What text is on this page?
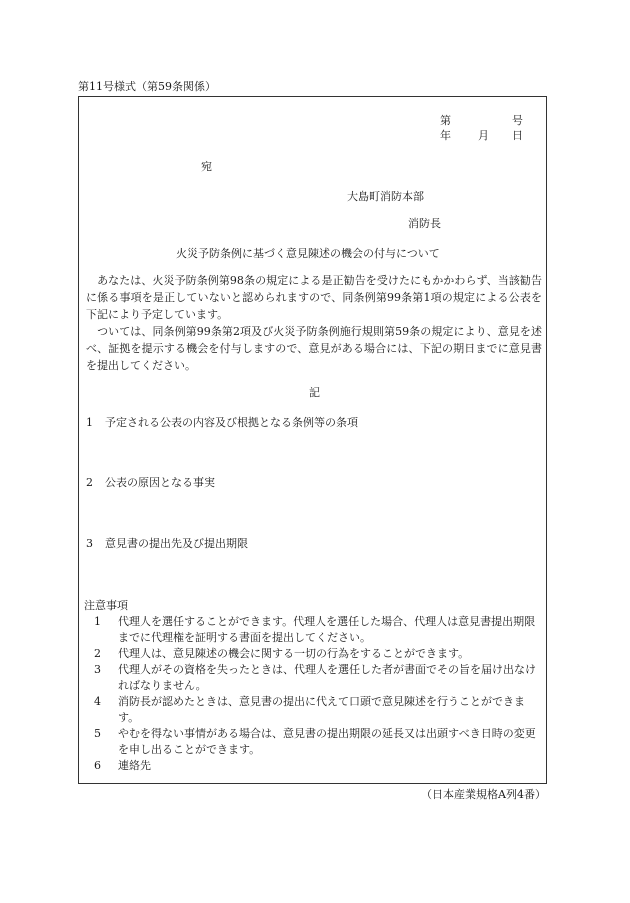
第11号様式（第59条関係）
第	号
年 月 日
宛
大島町消防本部
消防長
火災予防条例に基づく意見陳述の機会の付与について

　あなたは、火災予防条例第98条の規定による是正勧告を受けたにもかかわらず、当該勧告に係る事項を是正していないと認められますので、同条例第99条第1項の規定による公表を下記により予定しています。

　ついては、同条例第99条第2項及び火災予防条例施行規則第59条の規定により、意見を述べ、証拠を提示する機会を付与しますので、意見がある場合には、下記の期日までに意見書を提出してください。

記
1 予定される公表の内容及び根拠となる条例等の条項
2 公表の原因となる事実
3 意見書の提出先及び提出期限
注意事項
1 代理人を選任することができます。代理人を選任した場合、代理人は意見書提出期限までに代理権を証明する書面を提出してください。
2 代理人は、意見陳述の機会に関する一切の行為をすることができます。
3 代理人がその資格を失ったときは、代理人を選任した者が書面でその旨を届け出なければなりません。
4 消防長が認めたときは、意見書の提出に代えて口頭で意見陳述を行うことができます。
5 やむを得ない事情がある場合は、意見書の提出期限の延長又は出頭すべき日時の変更を申し出ることができます。
6 連絡先
（日本産業規格A列4番）
